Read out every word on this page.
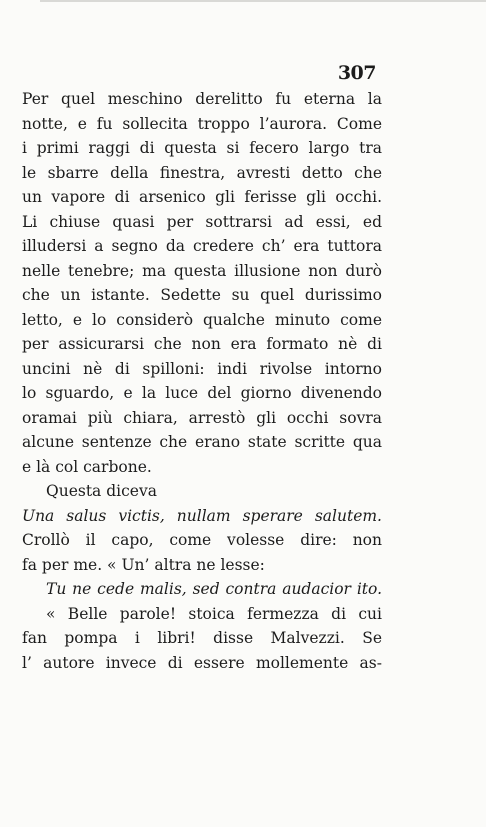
307
Per quel meschino derelitto fu eterna la
notte, e fu sollecita troppo l’aurora. Come
i primi raggi di questa si fecero largo tra
le sbarre della finestra, avresti detto che
un vapore di arsenico gli ferisse gli occhi.
Li chiuse quasi per sottrarsi ad essi, ed
illudersi a segno da credere ch’ era tuttora
nelle tenebre; ma questa illusione non durò
che un istante. Sedette su quel durissimo
letto, e lo considerò qualche minuto come
per assicurarsi che non era formato nè di
uncini nè di spilloni: indi rivolse intorno
lo sguardo, e la luce del giorno divenendo
oramai più chiara, arrestò gli occhi sovra
alcune sentenze che erano state scritte qua
e là col carbone.
Questa diceva
Una salus victis, nullam sperare salutem.
Crollò il capo, come volesse dire: non
fa per me. « Un’ altra ne lesse:
Tu ne cede malis, sed contra audacior ito.
« Belle parole! stoica fermezza di cui
fan pompa i libri! disse Malvezzi. Se
l’ autore invece di essere mollemente as-
